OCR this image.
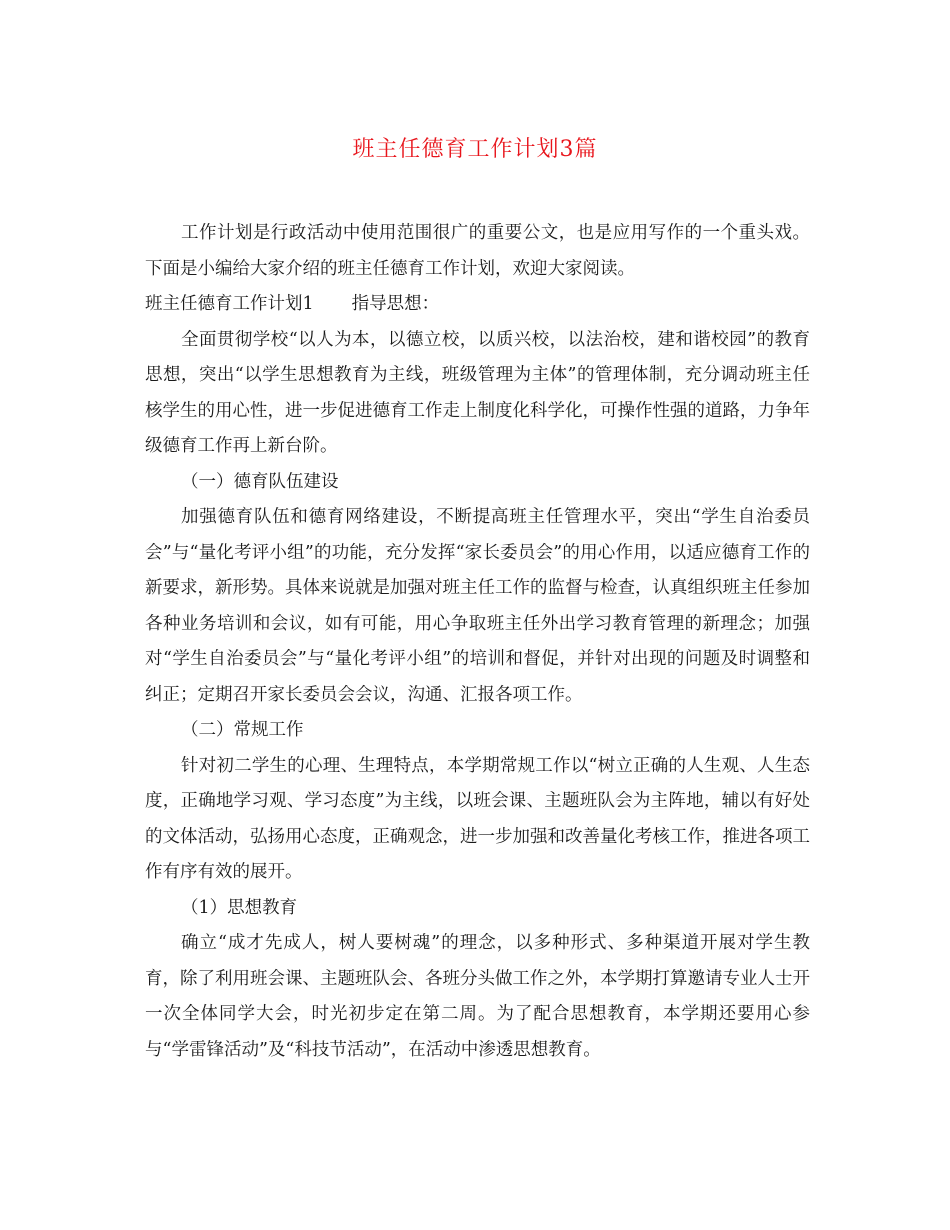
班主任德育工作计划3篇

工作计划是行政活动中使用范围很广的重要公文，也是应用写作的一个重头戏。下面是小编给大家介绍的班主任德育工作计划，欢迎大家阅读。

班主任德育工作计划1 指导思想：

全面贯彻学校“以人为本，以德立校，以质兴校，以法治校，建和谐校园”的教育思想，突出“以学生思想教育为主线，班级管理为主体”的管理体制，充分调动班主任核学生的用心性，进一步促进德育工作走上制度化科学化，可操作性强的道路，力争年级德育工作再上新台阶。

（一）德育队伍建设

加强德育队伍和德育网络建设，不断提高班主任管理水平，突出“学生自治委员会”与“量化考评小组”的功能，充分发挥“家长委员会”的用心作用，以适应德育工作的新要求，新形势。具体来说就是加强对班主任工作的监督与检查，认真组织班主任参加各种业务培训和会议，如有可能，用心争取班主任外出学习教育管理的新理念；加强对“学生自治委员会”与“量化考评小组”的培训和督促，并针对出现的问题及时调整和纠正；定期召开家长委员会会议，沟通、汇报各项工作。

（二）常规工作

针对初二学生的心理、生理特点，本学期常规工作以“树立正确的人生观、人生态度，正确地学习观、学习态度”为主线，以班会课、主题班队会为主阵地，辅以有好处的文体活动，弘扬用心态度，正确观念，进一步加强和改善量化考核工作，推进各项工作有序有效的展开。

（1）思想教育

确立“成才先成人，树人要树魂”的理念，以多种形式、多种渠道开展对学生教育，除了利用班会课、主题班队会、各班分头做工作之外，本学期打算邀请专业人士开一次全体同学大会，时光初步定在第二周。为了配合思想教育，本学期还要用心参与“学雷锋活动”及“科技节活动”，在活动中渗透思想教育。
